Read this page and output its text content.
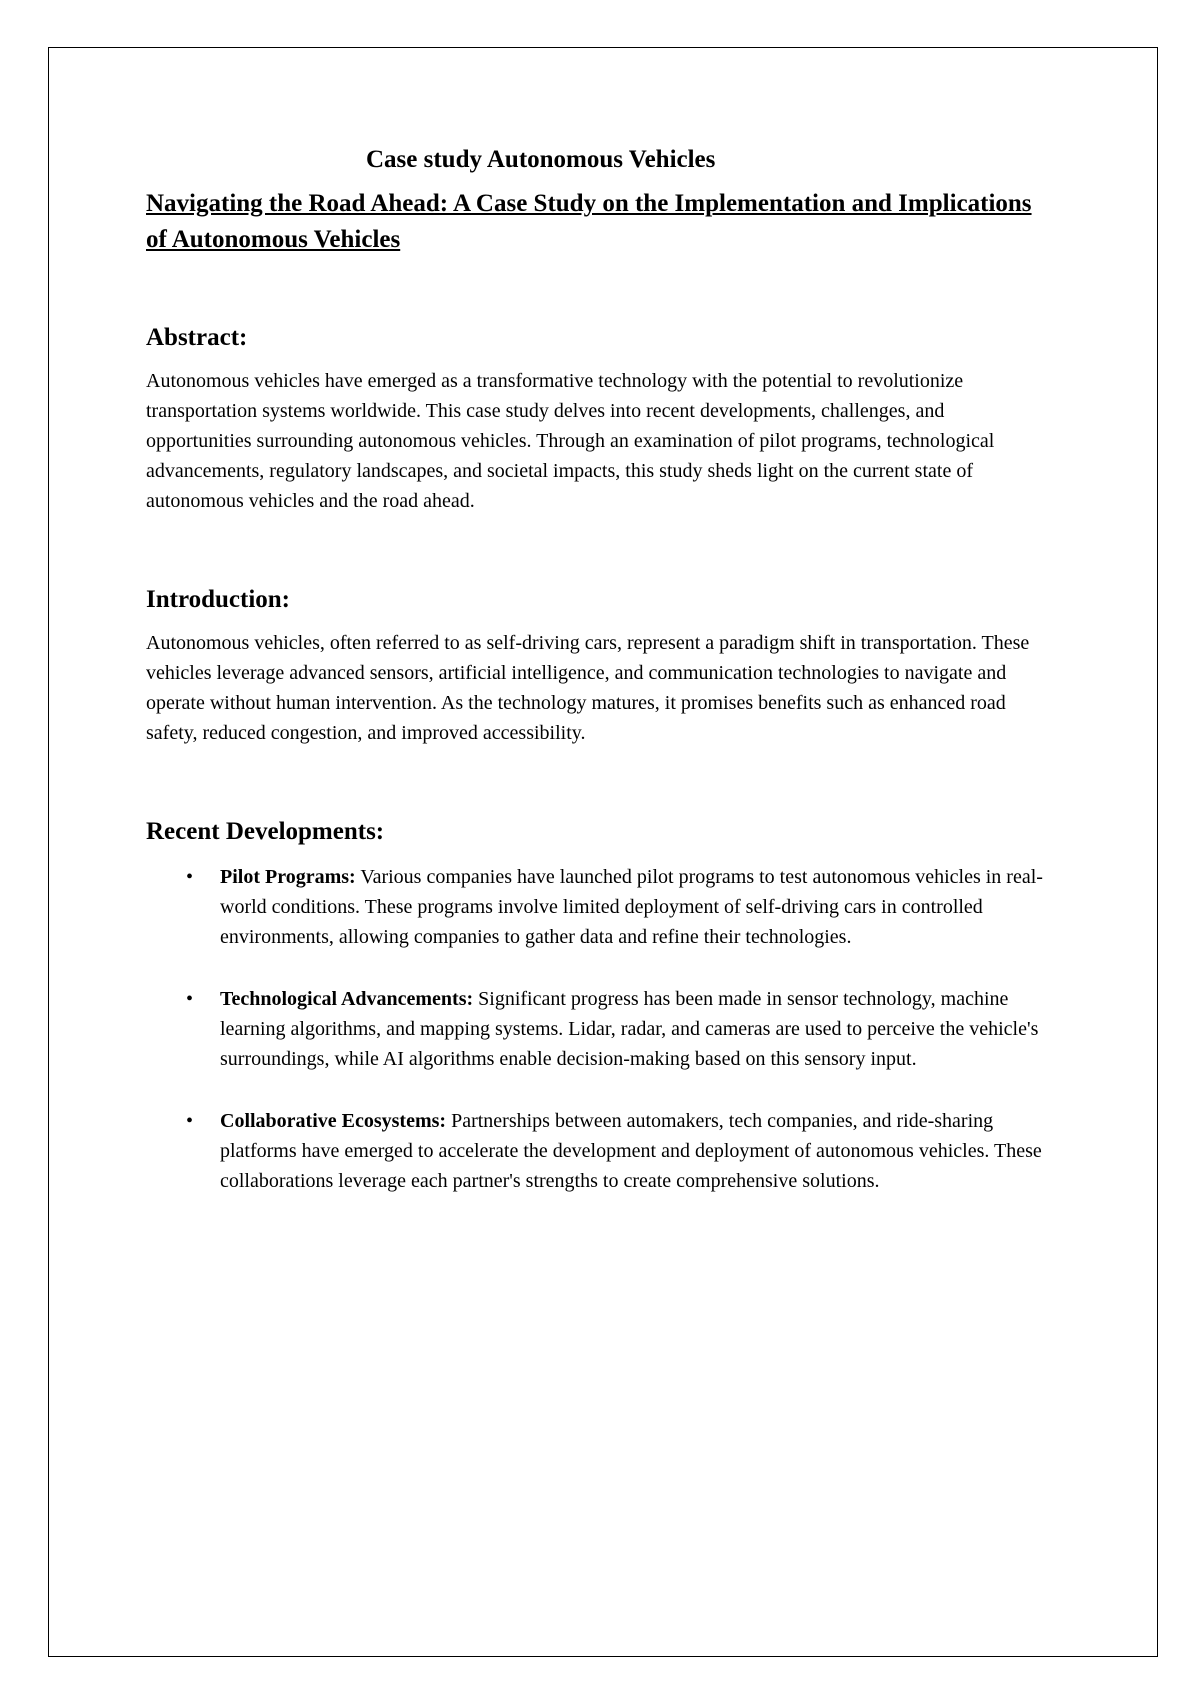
Case study Autonomous Vehicles
Navigating the Road Ahead: A Case Study on the Implementation and Implications of Autonomous Vehicles
Abstract:

Autonomous vehicles have emerged as a transformative technology with the potential to revolutionize transportation systems worldwide. This case study delves into recent developments, challenges, and opportunities surrounding autonomous vehicles. Through an examination of pilot programs, technological advancements, regulatory landscapes, and societal impacts, this study sheds light on the current state of autonomous vehicles and the road ahead.

Introduction:

Autonomous vehicles, often referred to as self-driving cars, represent a paradigm shift in transportation. These vehicles leverage advanced sensors, artificial intelligence, and communication technologies to navigate and operate without human intervention. As the technology matures, it promises benefits such as enhanced road safety, reduced congestion, and improved accessibility.

Recent Developments:
• Pilot Programs: Various companies have launched pilot programs to test autonomous vehicles in real-world conditions. These programs involve limited deployment of self-driving cars in controlled environments, allowing companies to gather data and refine their technologies.
• Technological Advancements: Significant progress has been made in sensor technology, machine learning algorithms, and mapping systems. Lidar, radar, and cameras are used to perceive the vehicle's surroundings, while AI algorithms enable decision-making based on this sensory input.
• Collaborative Ecosystems: Partnerships between automakers, tech companies, and ride-sharing platforms have emerged to accelerate the development and deployment of autonomous vehicles. These collaborations leverage each partner's strengths to create comprehensive solutions.
